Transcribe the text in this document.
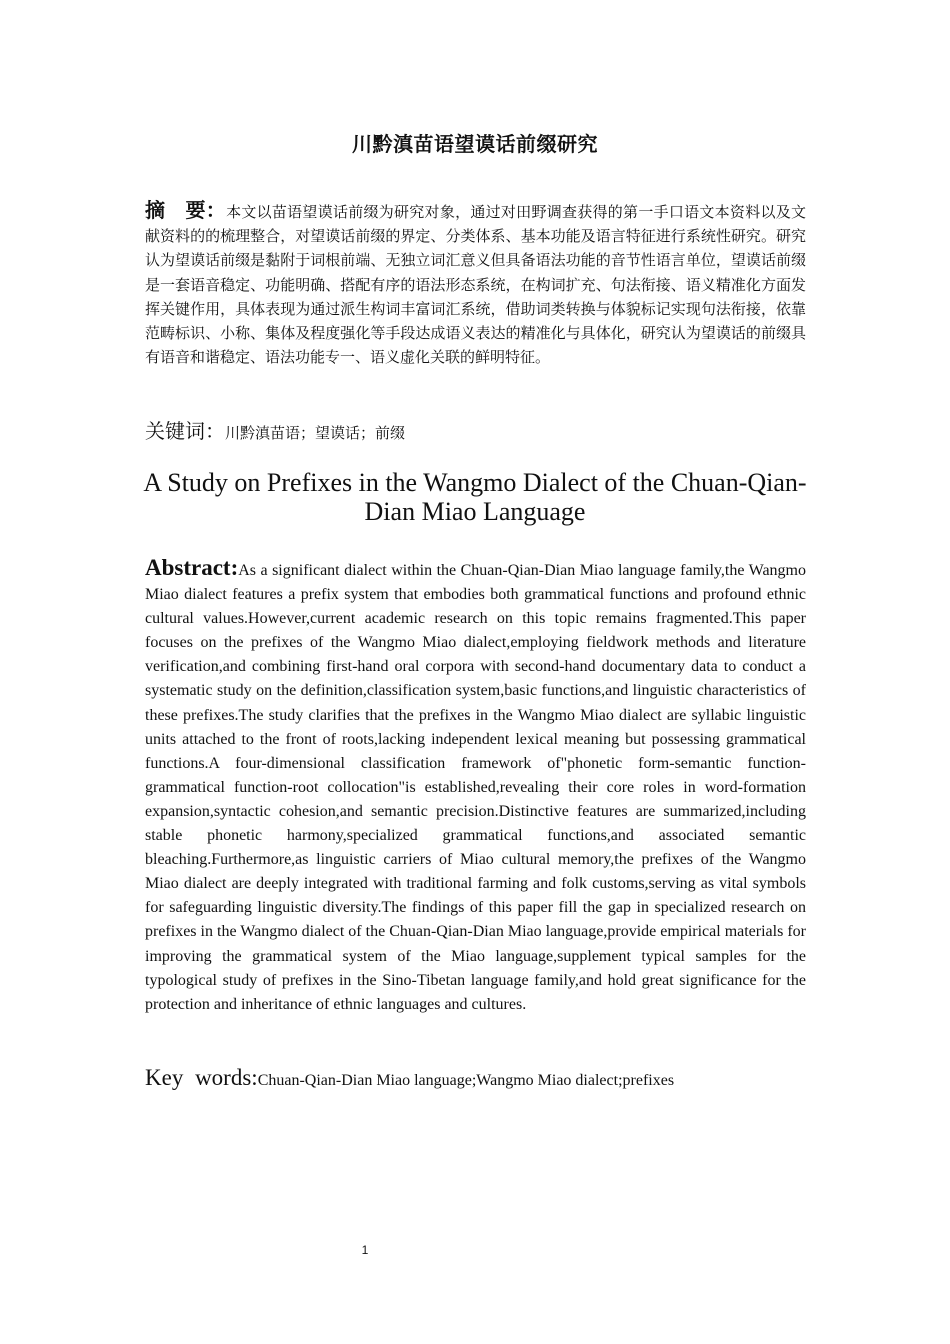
川黔滇苗语望谟话前缀研究
摘　要：本文以苗语望谟话前缀为研究对象，通过对田野调查获得的第一手口语文本资料以及文献资料的的梳理整合，对望谟话前缀的界定、分类体系、基本功能及语言特征进行系统性研究。研究认为望谟话前缀是黏附于词根前端、无独立词汇意义但具备语法功能的音节性语言单位，望谟话前缀是一套语音稳定、功能明确、搭配有序的语法形态系统，在构词扩充、句法衔接、语义精准化方面发挥关键作用，具体表现为通过派生构词丰富词汇系统，借助词类转换与体貌标记实现句法衔接，依靠范畴标识、小称、集体及程度强化等手段达成语义表达的精准化与具体化，研究认为望谟话的前缀具有语音和谐稳定、语法功能专一、语义虚化关联的鲜明特征。
关键词：川黔滇苗语；望谟话；前缀
A Study on Prefixes in the Wangmo Dialect of the Chuan-Qian-Dian Miao Language
Abstract:As a significant dialect within the Chuan-Qian-Dian Miao language family,the Wangmo Miao dialect features a prefix system that embodies both grammatical functions and profound ethnic cultural values.However,current academic research on this topic remains fragmented.This paper focuses on the prefixes of the Wangmo Miao dialect,employing fieldwork methods and literature verification,and combining first-hand oral corpora with second-hand documentary data to conduct a systematic study on the definition,classification system,basic functions,and linguistic characteristics of these prefixes.The study clarifies that the prefixes in the Wangmo Miao dialect are syllabic linguistic units attached to the front of roots,lacking independent lexical meaning but possessing grammatical functions.A four-dimensional classification framework of"phonetic form-semantic function-grammatical function-root collocation"is established,revealing their core roles in word-formation expansion,syntactic cohesion,and semantic precision.Distinctive features are summarized,including stable phonetic harmony,specialized grammatical functions,and associated semantic bleaching.Furthermore,as linguistic carriers of Miao cultural memory,the prefixes of the Wangmo Miao dialect are deeply integrated with traditional farming and folk customs,serving as vital symbols for safeguarding linguistic diversity.The findings of this paper fill the gap in specialized research on prefixes in the Wangmo dialect of the Chuan-Qian-Dian Miao language,provide empirical materials for improving the grammatical system of the Miao language,supplement typical samples for the typological study of prefixes in the Sino-Tibetan language family,and hold great significance for the protection and inheritance of ethnic languages and cultures.
Key words:Chuan-Qian-Dian Miao language;Wangmo Miao dialect;prefixes
1
